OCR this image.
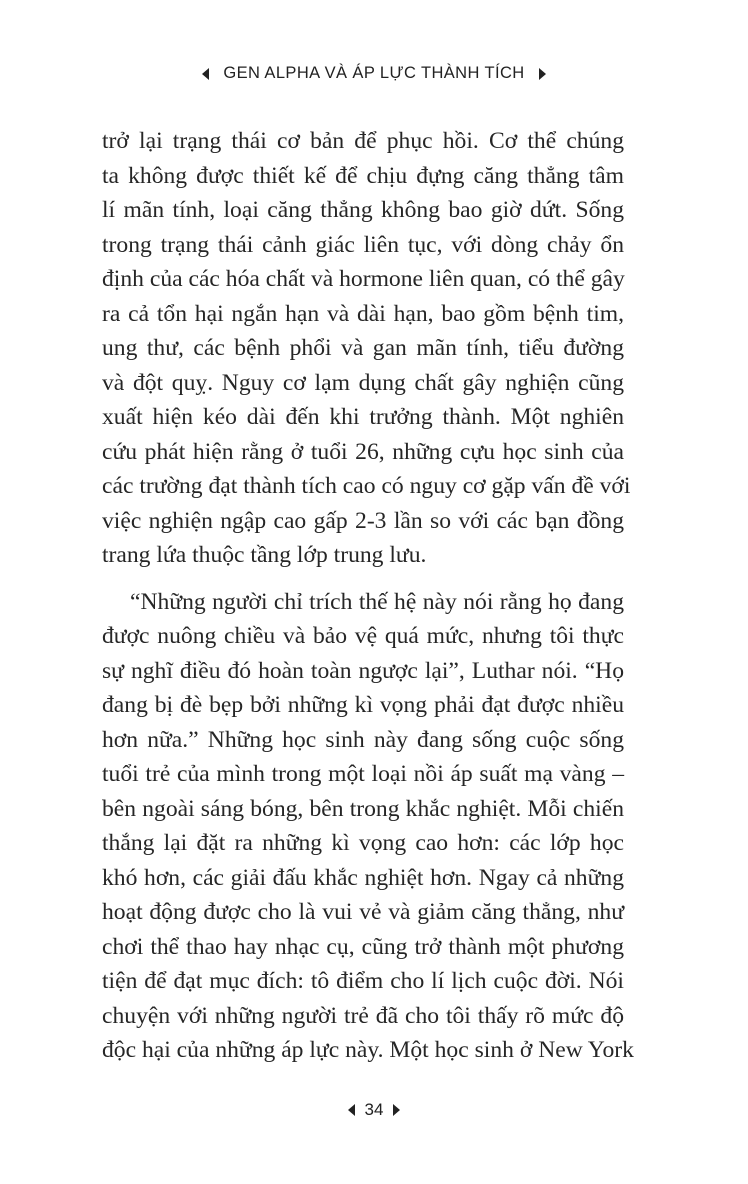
GEN ALPHA VÀ ÁP LỰC THÀNH TÍCH

trở lại trạng thái cơ bản để phục hồi. Cơ thể chúng
ta không được thiết kế để chịu đựng căng thẳng tâm
lí mãn tính, loại căng thẳng không bao giờ dứt. Sống
trong trạng thái cảnh giác liên tục, với dòng chảy ổn
định của các hóa chất và hormone liên quan, có thể gây
ra cả tổn hại ngắn hạn và dài hạn, bao gồm bệnh tim,
ung thư, các bệnh phổi và gan mãn tính, tiểu đường
và đột quỵ. Nguy cơ lạm dụng chất gây nghiện cũng
xuất hiện kéo dài đến khi trưởng thành. Một nghiên
cứu phát hiện rằng ở tuổi 26, những cựu học sinh của
các trường đạt thành tích cao có nguy cơ gặp vấn đề với
việc nghiện ngập cao gấp 2-3 lần so với các bạn đồng
trang lứa thuộc tầng lớp trung lưu.

“Những người chỉ trích thế hệ này nói rằng họ đang
được nuông chiều và bảo vệ quá mức, nhưng tôi thực
sự nghĩ điều đó hoàn toàn ngược lại”, Luthar nói. “Họ
đang bị đè bẹp bởi những kì vọng phải đạt được nhiều
hơn nữa.” Những học sinh này đang sống cuộc sống
tuổi trẻ của mình trong một loại nồi áp suất mạ vàng –
bên ngoài sáng bóng, bên trong khắc nghiệt. Mỗi chiến
thắng lại đặt ra những kì vọng cao hơn: các lớp học
khó hơn, các giải đấu khắc nghiệt hơn. Ngay cả những
hoạt động được cho là vui vẻ và giảm căng thẳng, như
chơi thể thao hay nhạc cụ, cũng trở thành một phương
tiện để đạt mục đích: tô điểm cho lí lịch cuộc đời. Nói
chuyện với những người trẻ đã cho tôi thấy rõ mức độ
độc hại của những áp lực này. Một học sinh ở New York

34
